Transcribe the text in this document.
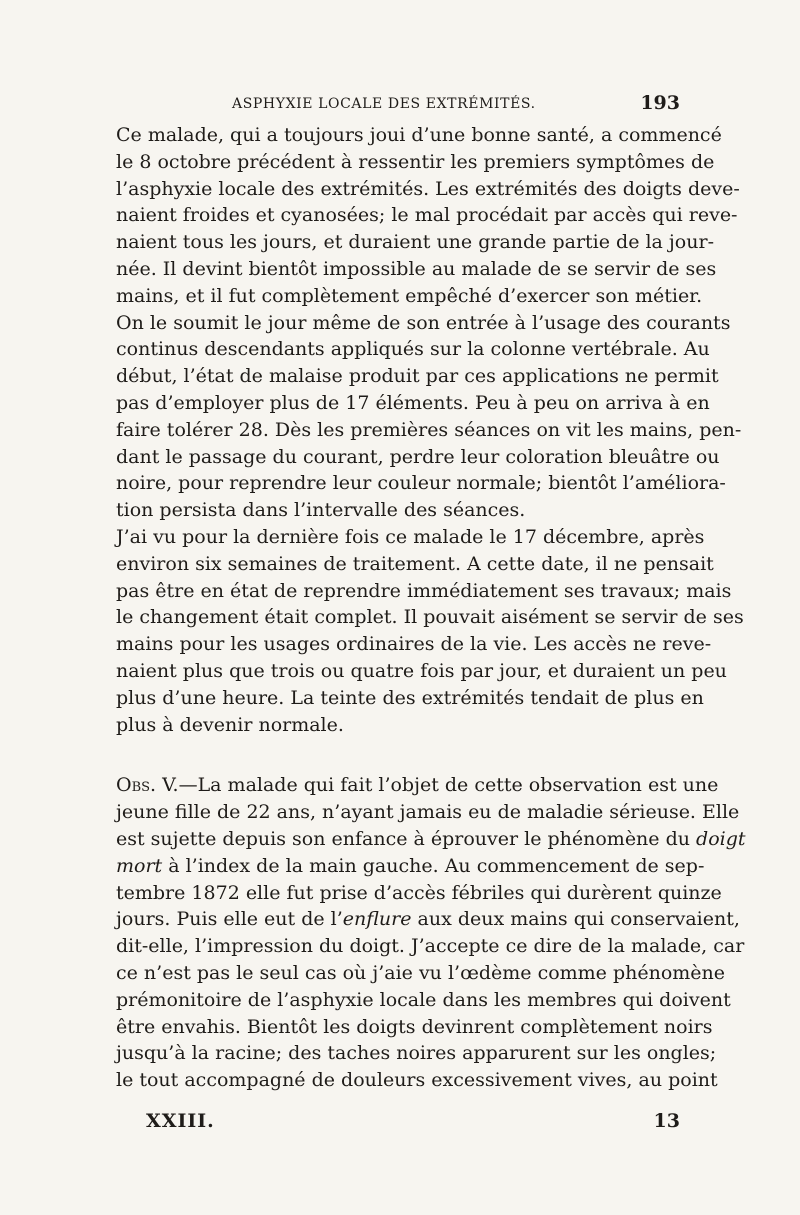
ASPHYXIE LOCALE DES EXTRÉMITÉS.	193

Ce malade, qui a toujours joui d’une bonne santé, a commencé
le 8 octobre précédent à ressentir les premiers symptômes de
l’asphyxie locale des extrémités. Les extrémités des doigts deve-
naient froides et cyanosées; le mal procédait par accès qui reve-
naient tous les jours, et duraient une grande partie de la jour-
née. Il devint bientôt impossible au malade de se servir de ses
mains, et il fut complètement empêché d’exercer son métier.

On le soumit le jour même de son entrée à l’usage des courants
continus descendants appliqués sur la colonne vertébrale. Au
début, l’état de malaise produit par ces applications ne permit
pas d’employer plus de 17 éléments. Peu à peu on arriva à en
faire tolérer 28. Dès les premières séances on vit les mains, pen-
dant le passage du courant, perdre leur coloration bleuâtre ou
noire, pour reprendre leur couleur normale; bientôt l’améliora-
tion persista dans l’intervalle des séances.

J’ai vu pour la dernière fois ce malade le 17 décembre, après
environ six semaines de traitement. A cette date, il ne pensait
pas être en état de reprendre immédiatement ses travaux; mais
le changement était complet. Il pouvait aisément se servir de ses
mains pour les usages ordinaires de la vie. Les accès ne reve-
naient plus que trois ou quatre fois par jour, et duraient un peu
plus d’une heure. La teinte des extrémités tendait de plus en
plus à devenir normale.

Obs. V.—La malade qui fait l’objet de cette observation est une
jeune fille de 22 ans, n’ayant jamais eu de maladie sérieuse. Elle
est sujette depuis son enfance à éprouver le phénomène du doigt
mort à l’index de la main gauche. Au commencement de sep-
tembre 1872 elle fut prise d’accès fébriles qui durèrent quinze
jours. Puis elle eut de l’enflure aux deux mains qui conservaient,
dit-elle, l’impression du doigt. J’accepte ce dire de la malade, car
ce n’est pas le seul cas où j’aie vu l’œdème comme phénomène
prémonitoire de l’asphyxie locale dans les membres qui doivent
être envahis. Bientôt les doigts devinrent complètement noirs
jusqu’à la racine; des taches noires apparurent sur les ongles;
le tout accompagné de douleurs excessivement vives, au point

XXIII.	13
